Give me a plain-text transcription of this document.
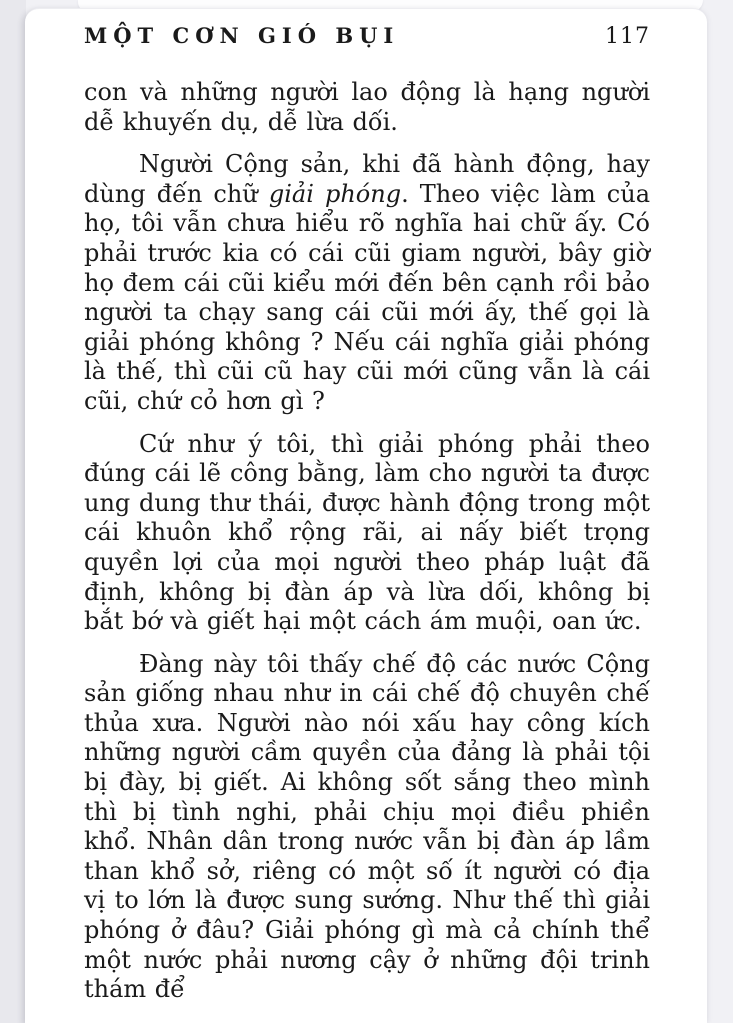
MỘT CƠN GIÓ BỤI	117

con và những người lao động là hạng người dễ khuyến dụ, dễ lừa dối.

Người Cộng sản, khi đã hành động, hay dùng đến chữ giải phóng. Theo việc làm của họ, tôi vẫn chưa hiểu rõ nghĩa hai chữ ấy. Có phải trước kia có cái cũi giam người, bây giờ họ đem cái cũi kiểu mới đến bên cạnh rồi bảo người ta chạy sang cái cũi mới ấy, thế gọi là giải phóng không ? Nếu cái nghĩa giải phóng là thế, thì cũi cũ hay cũi mới cũng vẫn là cái cũi, chứ cỏ hơn gì ?

Cứ như ý tôi, thì giải phóng phải theo đúng cái lẽ công bằng, làm cho người ta được ung dung thư thái, được hành động trong một cái khuôn khổ rộng rãi, ai nấy biết trọng quyền lợi của mọi người theo pháp luật đã định, không bị đàn áp và lừa dối, không bị bắt bớ và giết hại một cách ám muội, oan ức.

Đàng này tôi thấy chế độ các nước Cộng sản giống nhau như in cái chế độ chuyên chế thủa xưa. Người nào nói xấu hay công kích những người cầm quyền của đảng là phải tội bị đày, bị giết. Ai không sốt sắng theo mình thì bị tình nghi, phải chịu mọi điều phiền khổ. Nhân dân trong nước vẫn bị đàn áp lầm than khổ sở, riêng có một số ít người có địa vị to lớn là được sung sướng. Như thế thì giải phóng ở đâu? Giải phóng gì mà cả chính thể một nước phải nương cậy ở những đội trinh thám để
